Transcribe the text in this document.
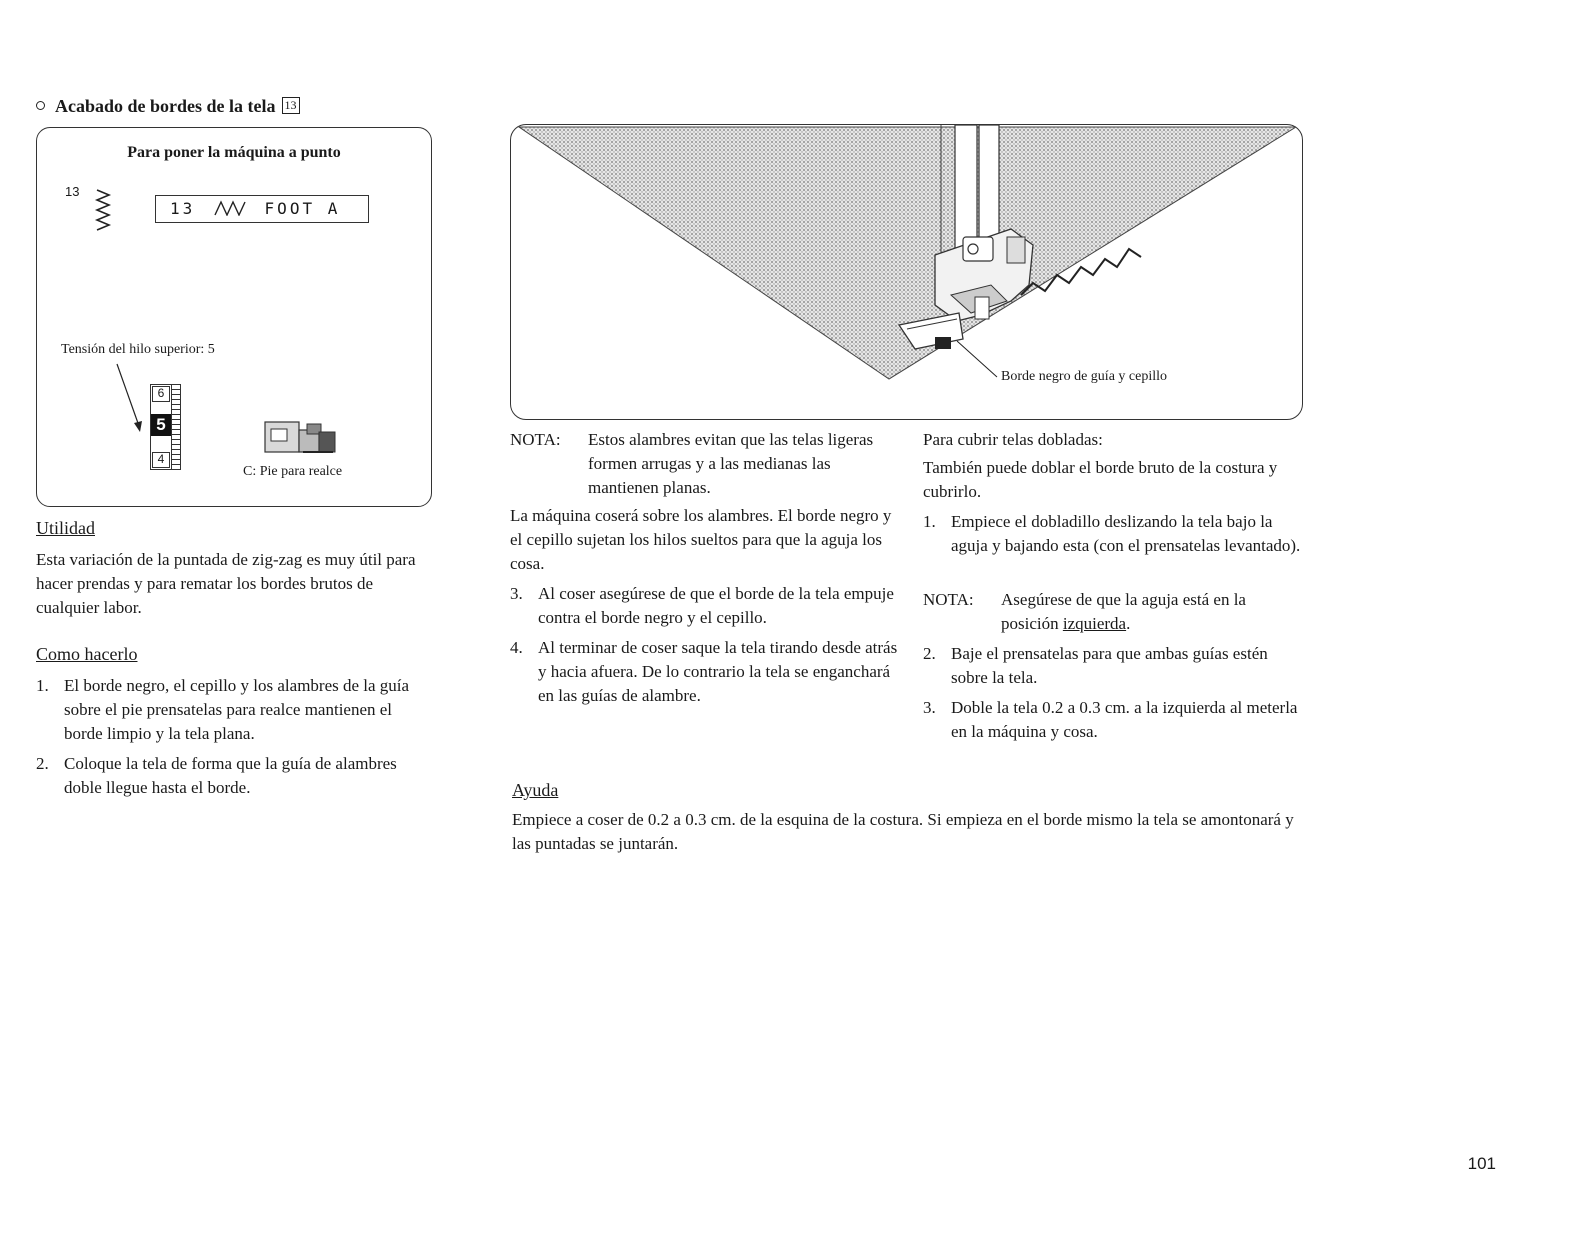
Acabado de bordes de la tela 13
Para poner la máquina a punto
13
13	FOOT A
Tensión del hilo superior: 5
6
5
4
C: Pie para realce
Utilidad
Esta variación de la puntada de zig-zag es muy útil para hacer prendas y para rematar los bordes brutos de cualquier labor.
Como hacerlo
1. El borde negro, el cepillo y los alambres de la guía sobre el pie prensatelas para realce mantienen el borde limpio y la tela plana.
2. Coloque la tela de forma que la guía de alambres doble llegue hasta el borde.
Borde negro de guía y cepillo
NOTA:	Estos alambres evitan que las telas ligeras formen arrugas y a las medianas las mantienen planas.
La máquina coserá sobre los alambres. El borde negro y el cepillo sujetan los hilos sueltos para que la aguja los cosa.
3. Al coser asegúrese de que el borde de la tela empuje contra el borde negro y el cepillo.
4. Al terminar de coser saque la tela tirando desde atrás y hacia afuera. De lo contrario la tela se enganchará en las guías de alambre.
Para cubrir telas dobladas:
También puede doblar el borde bruto de la costura y cubrirlo.
1. Empiece el dobladillo deslizando la tela bajo la aguja y bajando esta (con el prensatelas levantado).
NOTA:	Asegúrese de que la aguja está en la posición izquierda.
2. Baje el prensatelas para que ambas guías estén sobre la tela.
3. Doble la tela 0.2 a 0.3 cm. a la izquierda al meterla en la máquina y cosa.
Ayuda
Empiece a coser de 0.2 a 0.3 cm. de la esquina de la costura. Si empieza en el borde mismo la tela se amontonará y las puntadas se juntarán.
101
